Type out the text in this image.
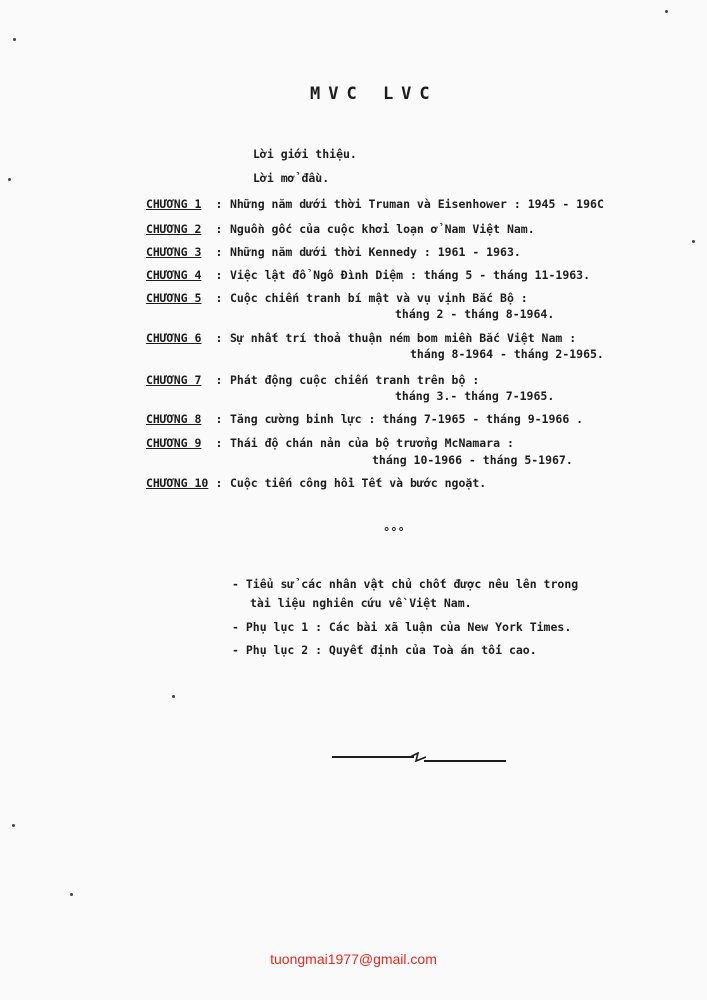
MVC LVC
Lời giới thiệu.
Lời mở đầu.
CHƯƠNG 1 : Những năm dưới thời Truman và Eisenhower : 1945 - 196C
CHƯƠNG 2 : Nguồn gốc của cuộc khởi loạn ở Nam Việt Nam.
CHƯƠNG 3 : Những năm dưới thời Kennedy : 1961 - 1963.
CHƯƠNG 4 : Việc lật đổ Ngô Đình Diệm : tháng 5 - tháng 11-1963.
CHƯƠNG 5 : Cuộc chiến tranh bí mật và vụ vịnh Bắc Bộ :
tháng 2 - tháng 8-1964.
CHƯƠNG 6 : Sự nhất trí thoả thuận ném bom miền Bắc Việt Nam :
tháng 8-1964 - tháng 2-1965.
CHƯƠNG 7 : Phát động cuộc chiến tranh trên bộ :
tháng 3.- tháng 7-1965.
CHƯƠNG 8 : Tăng cường binh lực : tháng 7-1965 - tháng 9-1966 .
CHƯƠNG 9 : Thái độ chán nản của bộ trưởng McNamara :
tháng 10-1966 - tháng 5-1967.
CHƯƠNG 10 : Cuộc tiến công hồi Tết và bước ngoặt.
°°°
- Tiểu sử các nhân vật chủ chốt được nêu lên trong
tài liệu nghiên cứu về Việt Nam.
- Phụ lục 1 : Các bài xã luận của New York Times.
- Phụ lục 2 : Quyết định của Toà án tối cao.
tuongmai1977@gmail.com
